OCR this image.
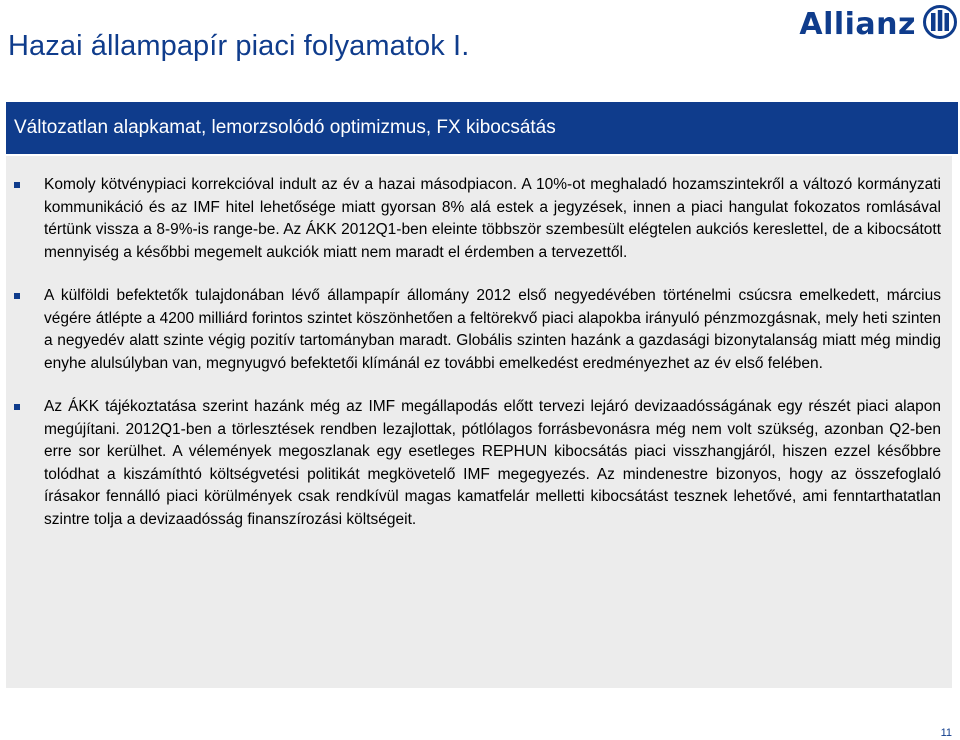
Hazai állampapír piaci folyamatok I.
Allianz
Változatlan alapkamat, lemorzsolódó optimizmus, FX kibocsátás
Komoly kötvénypiaci korrekcióval indult az év a hazai másodpiacon. A 10%-ot meghaladó hozamszintekről a változó kormányzati kommunikáció és az IMF hitel lehetősége miatt gyorsan 8% alá estek a jegyzések, innen a piaci hangulat fokozatos romlásával tértünk vissza a 8-9%-is range-be. Az ÁKK 2012Q1-ben eleinte többször szembesült elégtelen aukciós kereslettel, de a kibocsátott mennyiség a későbbi megemelt aukciók miatt nem maradt el érdemben a tervezettől.
A külföldi befektetők tulajdonában lévő állampapír állomány 2012 első negyedévében történelmi csúcsra emelkedett, március végére átlépte a 4200 milliárd forintos szintet köszönhetően a feltörekvő piaci alapokba irányuló pénzmozgásnak, mely heti szinten a negyedév alatt szinte végig pozitív tartományban maradt. Globális szinten hazánk a gazdasági bizonytalanság miatt még mindig enyhe alulsúlyban van, megnyugvó befektetői klímánál ez további emelkedést eredményezhet az év első felében.
Az ÁKK tájékoztatása szerint hazánk még az IMF megállapodás előtt tervezi lejáró devizaadósságának egy részét piaci alapon megújítani. 2012Q1-ben a törlesztések rendben lezajlottak, pótlólagos forrásbevonásra még nem volt szükség, azonban Q2-ben erre sor kerülhet. A vélemények megoszlanak egy esetleges REPHUN kibocsátás piaci visszhangjáról, hiszen ezzel későbbre tolódhat a kiszámíthtó költségvetési politikát megkövetelő IMF megegyezés. Az mindenestre bizonyos, hogy az összefoglaló írásakor fennálló piaci körülmények csak rendkívül magas kamatfelár melletti kibocsátást tesznek lehetővé, ami fenntarthatatlan szintre tolja a devizaadósság finanszírozási költségeit.
11
